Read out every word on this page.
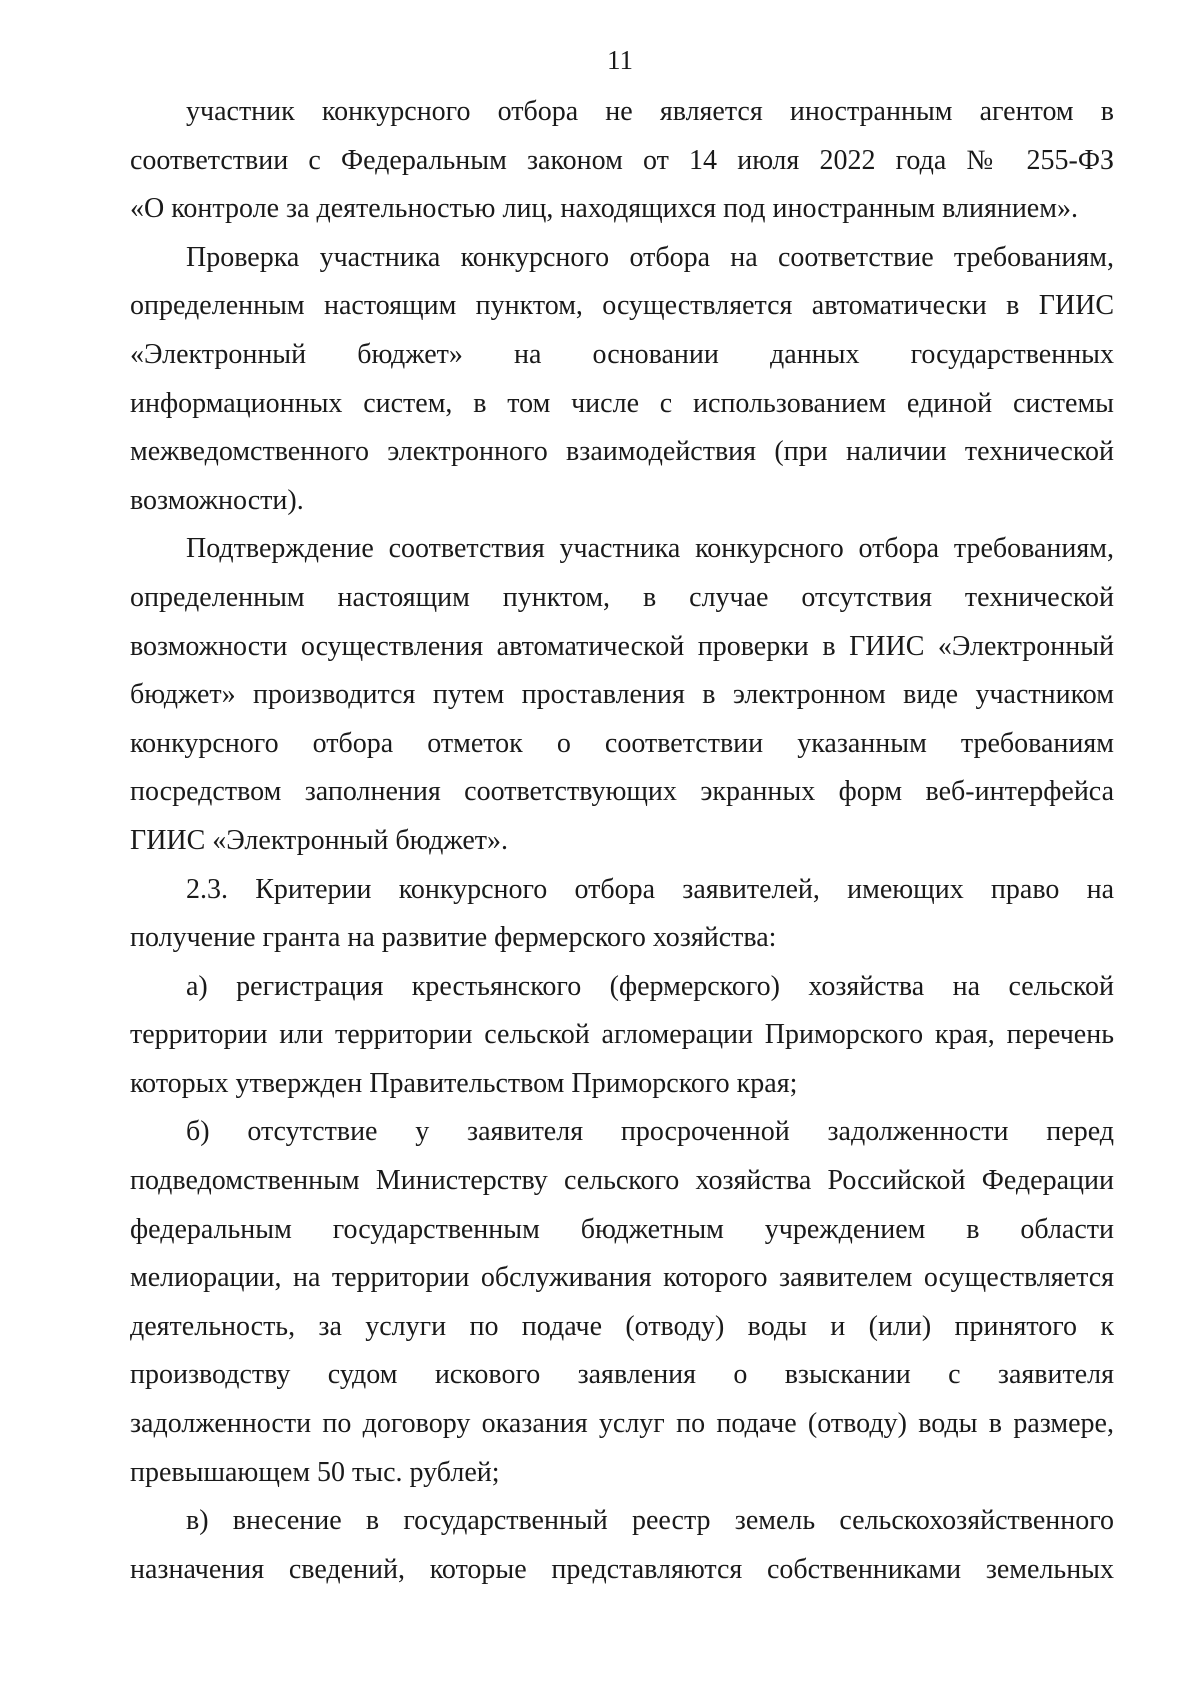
11

участник конкурсного отбора не является иностранным агентом в

соответствии с Федеральным законом от 14 июля 2022 года № 255-ФЗ

«О контроле за деятельностью лиц, находящихся под иностранным влиянием».

Проверка участника конкурсного отбора на соответствие требованиям,

определенным настоящим пунктом, осуществляется автоматически в ГИИС

«Электронный бюджет» на основании данных государственных

информационных систем, в том числе с использованием единой системы

межведомственного электронного взаимодействия (при наличии технической

возможности).

Подтверждение соответствия участника конкурсного отбора требованиям,

определенным настоящим пунктом, в случае отсутствия технической

возможности осуществления автоматической проверки в ГИИС «Электронный

бюджет» производится путем проставления в электронном виде участником

конкурсного отбора отметок о соответствии указанным требованиям

посредством заполнения соответствующих экранных форм веб-интерфейса

ГИИС «Электронный бюджет».

2.3. Критерии конкурсного отбора заявителей, имеющих право на

получение гранта на развитие фермерского хозяйства:

а) регистрация крестьянского (фермерского) хозяйства на сельской

территории или территории сельской агломерации Приморского края, перечень

которых утвержден Правительством Приморского края;

б) отсутствие у заявителя просроченной задолженности перед

подведомственным Министерству сельского хозяйства Российской Федерации

федеральным государственным бюджетным учреждением в области

мелиорации, на территории обслуживания которого заявителем осуществляется

деятельность, за услуги по подаче (отводу) воды и (или) принятого к

производству судом искового заявления о взыскании с заявителя

задолженности по договору оказания услуг по подаче (отводу) воды в размере,

превышающем 50 тыс. рублей;

в) внесение в государственный реестр земель сельскохозяйственного

назначения сведений, которые представляются собственниками земельных
